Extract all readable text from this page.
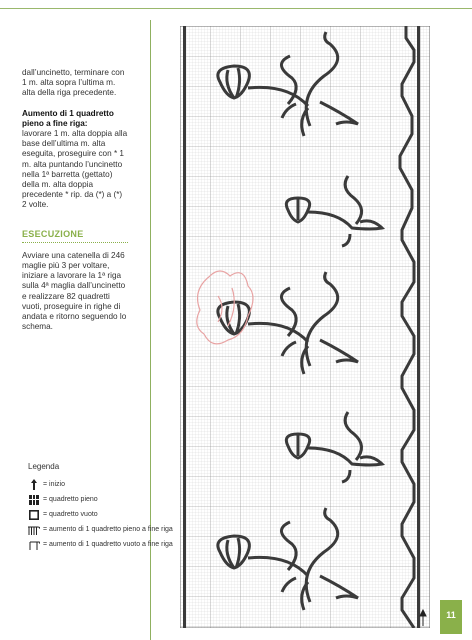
dall’uncinetto, terminare con 1 m. alta sopra l’ultima m. alta della riga precedente.

Aumento di 1 quadretto pieno a fine riga:

lavorare 1 m. alta doppia alla base dell’ultima m. alta eseguita, proseguire con * 1 m. alta puntando l’uncinetto nella 1ª barretta (gettato) della m. alta doppia precedente * rip. da (*) a (*) 2 volte.

ESECUZIONE

Avviare una catenella di 246 maglie più 3 per voltare, iniziare a lavorare la 1ª riga sulla 4ª maglia dall’uncinetto e realizzare 82 quadretti vuoti, proseguire in righe di andata e ritorno seguendo lo schema.

Legenda
= inizio
= quadretto pieno
= quadretto vuoto
= aumento di 1 quadretto pieno a fine riga
= aumento di 1 quadretto vuoto a fine riga
11
